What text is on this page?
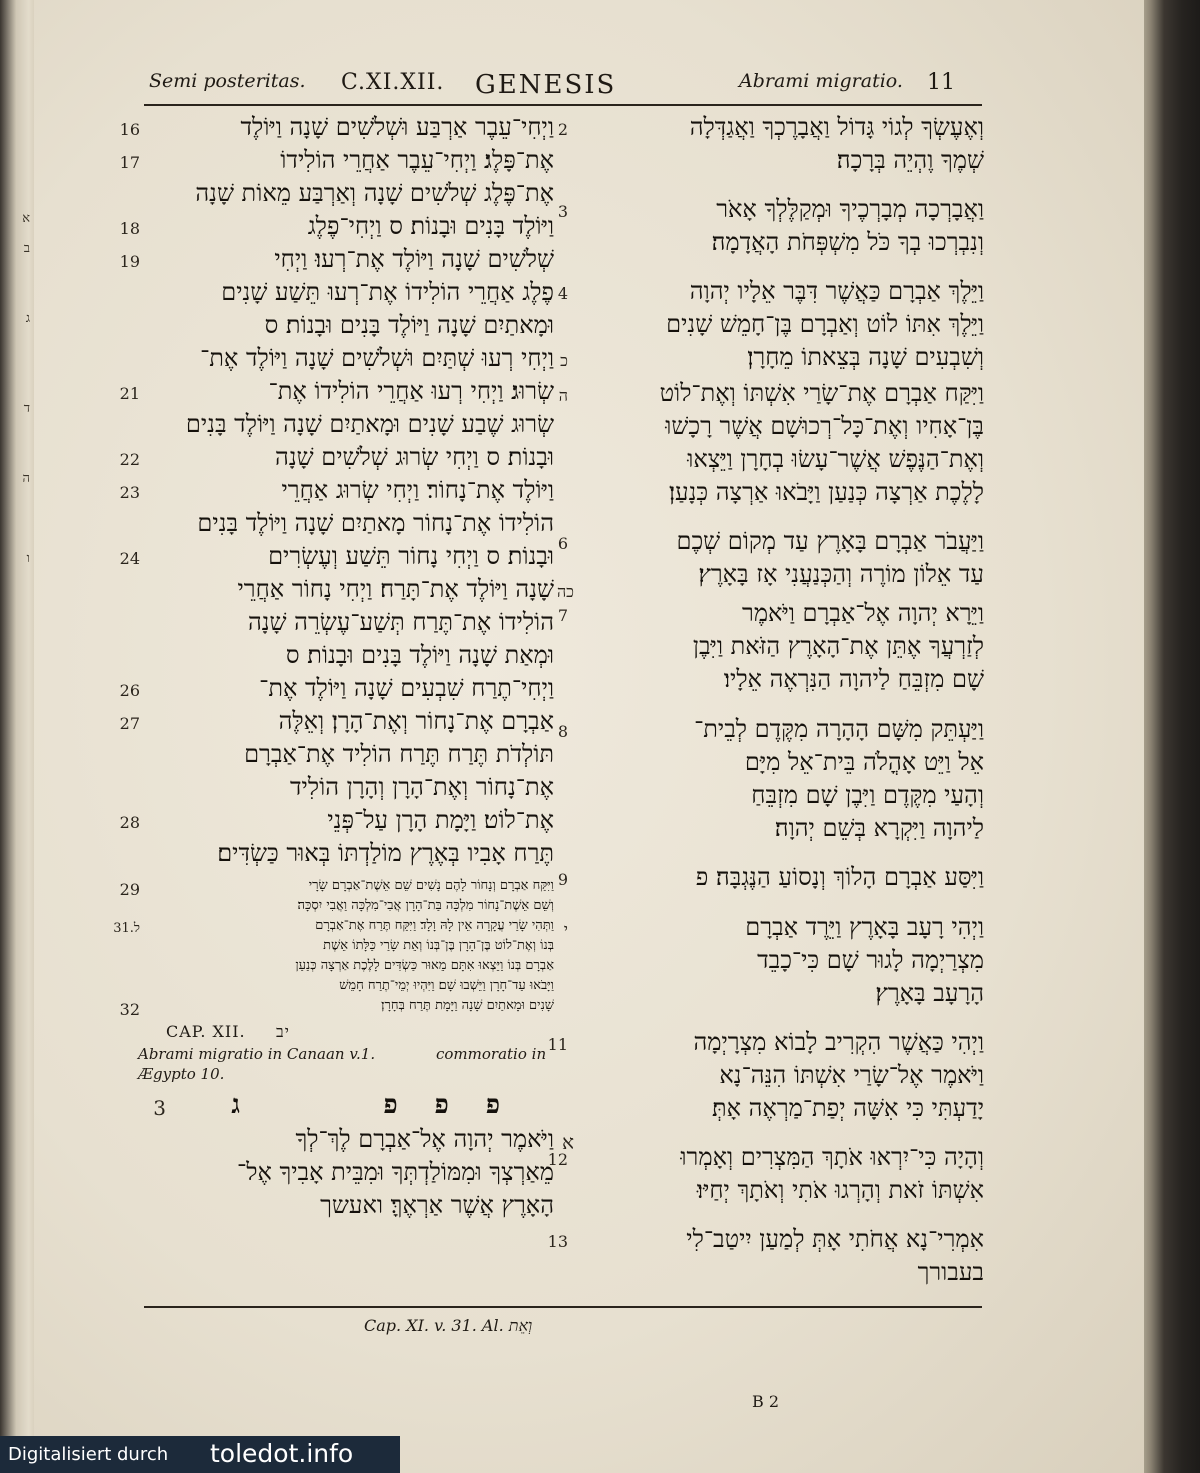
א
ב
ג
ד
ה
ו
Semi posteritas. C.XI.XII. GENESIS	Abrami migratio. 11
וַיְחִי־עֵבֶר אַרְבַּע וּשְׁלֹשִׁים שָׁנָה וַיּוֹלֶד
אֶת־פָּלֶג׃ וַיְחִי־עֵבֶר אַחֲרֵי הוֹלִידוֹ
אֶת־פֶּלֶג שְׁלֹשִׁים שָׁנָה וְאַרְבַּע מֵאוֹת שָׁנָה
וַיּוֹלֶד בָּנִים וּבָנוֹת׃ ס וַיְחִי־פֶלֶג
שְׁלֹשִׁים שָׁנָה וַיּוֹלֶד אֶת־רְעוּ׃ וַיְחִי
פֶלֶג אַחֲרֵי הוֹלִידוֹ אֶת־רְעוּ תֵּשַׁע שָׁנִים
וּמָאתַיִם שָׁנָה וַיּוֹלֶד בָּנִים וּבָנוֹת׃ ס
וַיְחִי רְעוּ שְׁתַּיִם וּשְׁלֹשִׁים שָׁנָה וַיּוֹלֶד אֶת־
שְׂרוּג׃ וַיְחִי רְעוּ אַחֲרֵי הוֹלִידוֹ אֶת־
שְׂרוּג שֶׁבַע שָׁנִים וּמָאתַיִם שָׁנָה וַיּוֹלֶד בָּנִים
וּבָנוֹת׃ ס וַיְחִי שְׂרוּג שְׁלֹשִׁים שָׁנָה
וַיּוֹלֶד אֶת־נָחוֹר׃ וַיְחִי שְׂרוּג אַחֲרֵי
הוֹלִידוֹ אֶת־נָחוֹר מָאתַיִם שָׁנָה וַיּוֹלֶד בָּנִים
וּבָנוֹת׃ ס וַיְחִי נָחוֹר תֵּשַׁע וְעֶשְׂרִים
שָׁנָה וַיּוֹלֶד אֶת־תָּרַח׃ וַיְחִי נָחוֹר אַחֲרֵי
הוֹלִידוֹ אֶת־תֶּרַח תְּשַׁע־עֶשְׂרֵה שָׁנָה
וּמְאַת שָׁנָה וַיּוֹלֶד בָּנִים וּבָנוֹת׃ ס
וַיְחִי־תֶרַח שִׁבְעִים שָׁנָה וַיּוֹלֶד אֶת־
אַבְרָם אֶת־נָחוֹר וְאֶת־הָרָן׃ וְאֵלֶּה
תּוֹלְדֹת תֶּרַח תֶּרַח הוֹלִיד אֶת־אַבְרָם
אֶת־נָחוֹר וְאֶת־הָרָן וְהָרָן הוֹלִיד
אֶת־לוֹט׃ וַיָּמָת הָרָן עַל־פְּנֵי
תֶּרַח אָבִיו בְּאֶרֶץ מוֹלַדְתּוֹ בְּאוּר כַּשְׂדִּים׃
16
17
18
19
כ
21
22
23
24
כה
26
27
28
וַיִּקַּח אַבְרָם וְנָחוֹר לָהֶם נָשִׁים שֵׁם אֵשֶׁת־אַבְרָם שָׂרָי
וְשֵׁם אֵשֶׁת־נָחוֹר מִלְכָּה בַּת־הָרָן אֲבִי־מִלְכָּה וַאֲבִי יִסְכָּה׃
וַתְּהִי שָׂרַי עֲקָרָה אֵין לָהּ וָלָד׃ וַיִּקַּח תֶּרַח אֶת־אַבְרָם
בְּנוֹ וְאֶת־לוֹט בֶּן־הָרָן בֶּן־בְּנוֹ וְאֵת שָׂרַי כַּלָּתוֹ אֵשֶׁת
אַבְרָם בְּנוֹ וַיֵּצְאוּ אִתָּם מֵאוּר כַּשְׂדִּים לָלֶכֶת אַרְצָה כְּנַעַן
וַיָּבֹאוּ עַד־חָרָן וַיֵּשְׁבוּ שָׁם׃ וַיִּהְיוּ יְמֵי־תֶרַח חָמֵשׁ
שָׁנִים וּמָאתַיִם שָׁנָה וַיָּמָת תֶּרַח בְּחָרָן׃
29
ל.31
32
CAP. XII. יב
Abrami migratio in Canaan v.1.	commoratio in
Ægypto 10.
פ פ פ
ג
3
וַיֹּאמֶר יְהוָה אֶל־אַבְרָם לֶךְ־לְךָ
מֵאַרְצְךָ וּמִמּוֹלַדְתְּךָ וּמִבֵּית אָבִיךָ אֶל־
הָאָרֶץ אֲשֶׁר אַרְאֶךָּ׃ ואעשך
א
וְאֶעֶשְׂךָ לְגוֹי גָּדוֹל וַאֲבָרֶכְךָ וַאֲגַדְּלָה
שְׁמֶךָ וֶהְיֵה בְּרָכָה׃
וַאֲבָרְכָה מְבָרְכֶיךָ וּמְקַלֶּלְךָ אָאֹר
וְנִבְרְכוּ בְךָ כֹּל מִשְׁפְּחֹת הָאֲדָמָה׃
וַיֵּלֶךְ אַבְרָם כַּאֲשֶׁר דִּבֶּר אֵלָיו יְהוָה
וַיֵּלֶךְ אִתּוֹ לוֹט וְאַבְרָם בֶּן־חָמֵשׁ שָׁנִים
וְשִׁבְעִים שָׁנָה בְּצֵאתוֹ מֵחָרָן׃
וַיִּקַּח אַבְרָם אֶת־שָׂרַי אִשְׁתּוֹ וְאֶת־לוֹט
בֶּן־אָחִיו וְאֶת־כָּל־רְכוּשָׁם אֲשֶׁר רָכָשׁוּ
וְאֶת־הַנֶּפֶשׁ אֲשֶׁר־עָשׂוּ בְחָרָן וַיֵּצְאוּ
לָלֶכֶת אַרְצָה כְּנַעַן וַיָּבֹאוּ אַרְצָה כְּנָעַן׃
וַיַּעֲבֹר אַבְרָם בָּאָרֶץ עַד מְקוֹם שְׁכֶם
עַד אֵלוֹן מוֹרֶה וְהַכְּנַעֲנִי אָז בָּאָרֶץ׃
וַיֵּרָא יְהוָה אֶל־אַבְרָם וַיֹּאמֶר
לְזַרְעֲךָ אֶתֵּן אֶת־הָאָרֶץ הַזֹּאת וַיִּבֶן
שָׁם מִזְבֵּחַ לַיהוָה הַנִּרְאֶה אֵלָיו׃
וַיַּעְתֵּק מִשָּׁם הָהָרָה מִקֶּדֶם לְבֵית־
אֵל וַיֵּט אָהֳלֹה בֵּית־אֵל מִיָּם
וְהָעַי מִקֶּדֶם וַיִּבֶן שָׁם מִזְבֵּחַ
לַיהוָה וַיִּקְרָא בְּשֵׁם יְהוָה׃
וַיִּסַּע אַבְרָם הָלוֹךְ וְנָסוֹעַ הַנֶּגְבָּה׃ פ
וַיְהִי רָעָב בָּאָרֶץ וַיֵּרֶד אַבְרָם
מִצְרַיְמָה לָגוּר שָׁם כִּי־כָבֵד
הָרָעָב בָּאָרֶץ׃
וַיְהִי כַּאֲשֶׁר הִקְרִיב לָבוֹא מִצְרָיְמָה
וַיֹּאמֶר אֶל־שָׂרַי אִשְׁתּוֹ הִנֵּה־נָא
יָדַעְתִּי כִּי אִשָּׁה יְפַת־מַרְאֶה אָתְּ׃
וְהָיָה כִּי־יִרְאוּ אֹתָךְ הַמִּצְרִים וְאָמְרוּ
אִשְׁתּוֹ זֹאת וְהָרְגוּ אֹתִי וְאֹתָךְ יְחַיּוּ׃
אִמְרִי־נָא אֲחֹתִי אָתְּ לְמַעַן יִיטַב־לִי
בעבורך
2
3
4
ה
6
7
8
9
י
11
12
13
Cap. XI. v. 31. Al. וְאֵת
B 2
Digitalisiert durch toledot.info
